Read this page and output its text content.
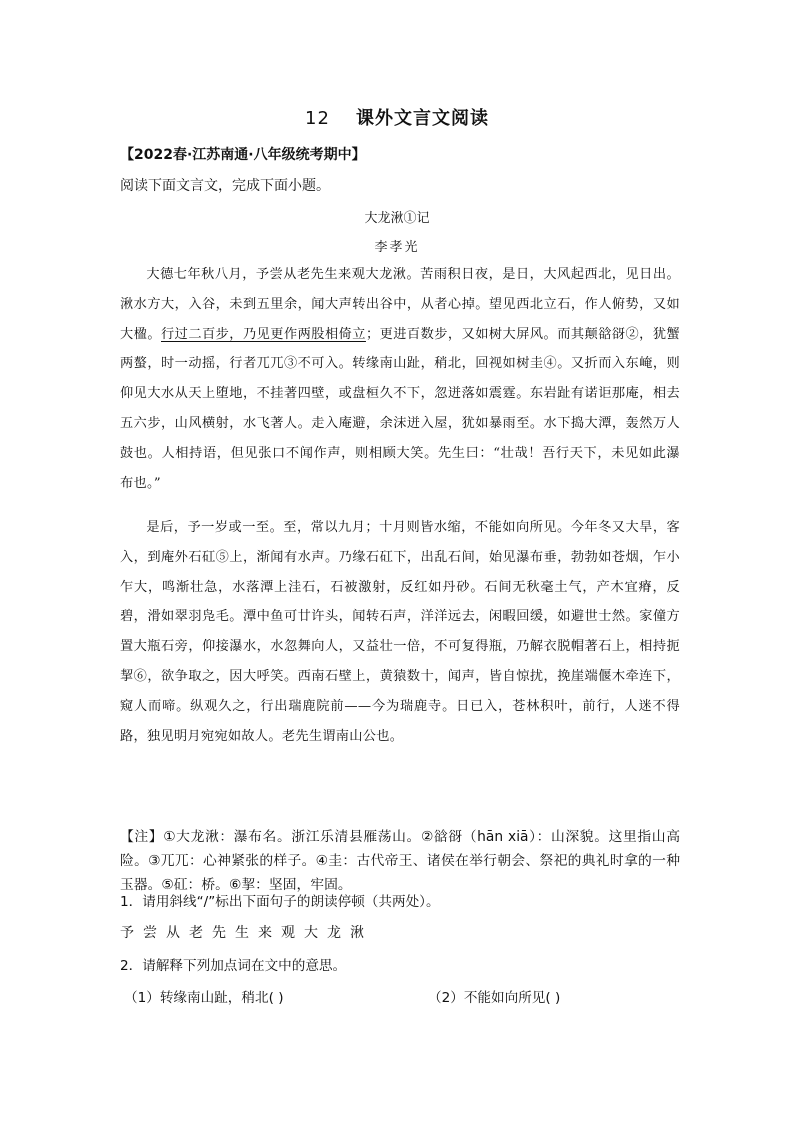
12 课外文言文阅读
【2022春·江苏南通·八年级统考期中】
阅读下面文言文，完成下面小题。
大龙湫①记
李孝光

大德七年秋八月，予尝从老先生来观大龙湫。苦雨积日夜，是日，大风起西北，见日出。湫水方大，入谷，未到五里余，闻大声转出谷中，从者心掉。望见西北立石，作人俯势，又如大楹。行过二百步，乃见更作两股相倚立；更进百数步，又如树大屏风。而其颠谽谺②，犹蟹两螯，时一动摇，行者兀兀③不可入。转缘南山趾，稍北，回视如树圭④。又折而入东崦，则仰见大水从天上堕地，不挂著四壁，或盘桓久不下，忽迸落如震霆。东岩趾有诺讵那庵，相去五六步，山风横射，水飞著人。走入庵避，余沫迸入屋，犹如暴雨至。水下捣大潭，轰然万人鼓也。人相持语，但见张口不闻作声，则相顾大笑。先生曰：“壮哉！吾行天下，未见如此瀑布也。”

是后，予一岁或一至。至，常以九月；十月则皆水缩，不能如向所见。今年冬又大旱，客入，到庵外石矼⑤上，渐闻有水声。乃缘石矼下，出乱石间，始见瀑布垂，勃勃如苍烟，乍小乍大，鸣渐壮急，水落潭上洼石，石被激射，反红如丹砂。石间无秋毫土气，产木宜瘠，反碧，滑如翠羽凫毛。潭中鱼可廿许头，闻转石声，洋洋远去，闲暇回缓，如避世士然。家僮方置大瓶石旁，仰接瀑水，水忽舞向人，又益壮一倍，不可复得瓶，乃解衣脱帽著石上，相持扼挈⑥，欲争取之，因大呼笑。西南石壁上，黄猿数十，闻声，皆自惊扰，挽崖端偃木牵连下，窥人而啼。纵观久之，行出瑞鹿院前——今为瑞鹿寺。日已入，苍林积叶，前行，人迷不得路，独见明月宛宛如故人。老先生谓南山公也。

【注】①大龙湫：瀑布名。浙江乐清县雁荡山。②谽谺（hān xiā）：山深貌。这里指山高险。③兀兀：心神紧张的样子。④圭：古代帝王、诸侯在举行朝会、祭祀的典礼时拿的一种玉器。⑤矼：桥。⑥挈：坚固，牢固。
1．请用斜线“/”标出下面句子的朗读停顿（共两处）。
予尝从老先生来观大龙湫
2．请解释下列加点词在文中的意思。
（1）转缘南山趾，稍北( )	（2）不能如向所见( )
